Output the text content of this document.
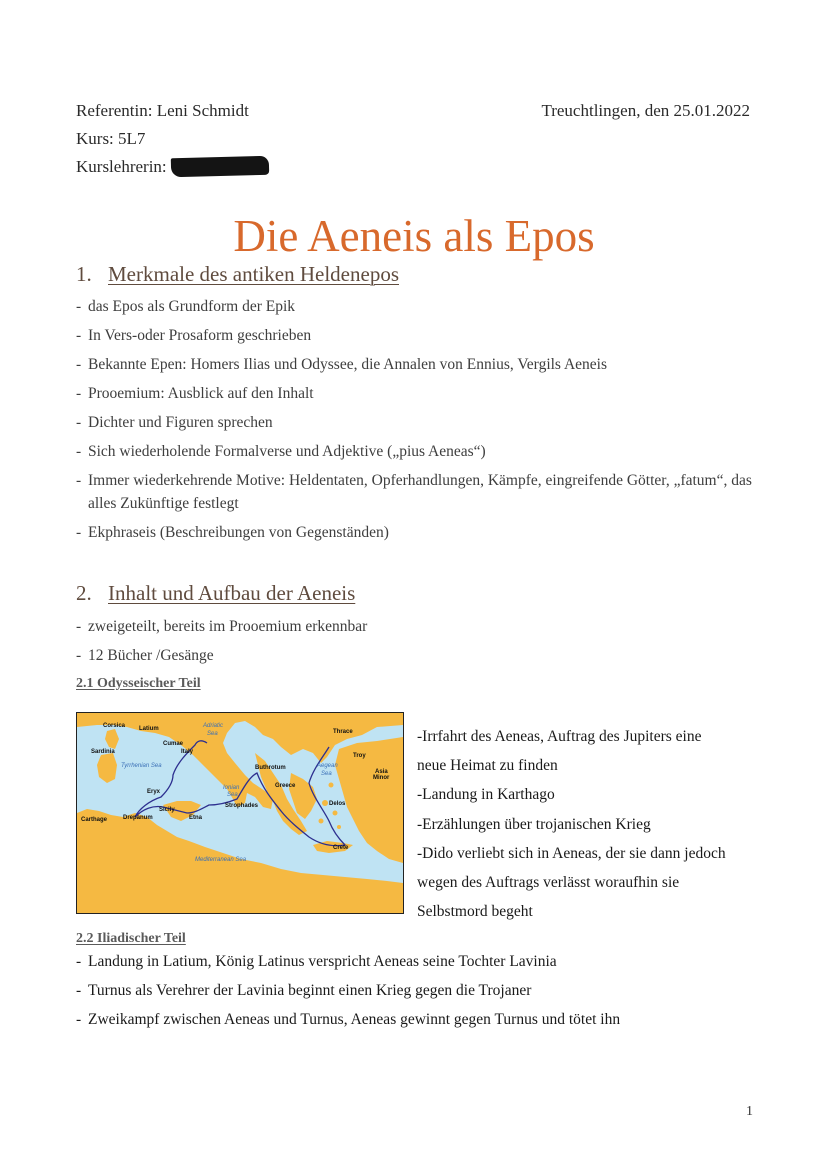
Referentin: Leni Schmidt
Kurs: 5L7
Kurslehrerin:
Treuchtlingen, den 25.01.2022
Die Aeneis als Epos
1. Merkmale des antiken Heldenepos
- das Epos als Grundform der Epik
- In Vers-oder Prosaform geschrieben
- Bekannte Epen: Homers Ilias und Odyssee, die Annalen von Ennius, Vergils Aeneis
- Prooemium: Ausblick auf den Inhalt
- Dichter und Figuren sprechen
- Sich wiederholende Formalverse und Adjektive („pius Aeneas“)
- Immer wiederkehrende Motive: Heldentaten, Opferhandlungen, Kämpfe, eingreifende Götter, „fatum“, das alles Zukünftige festlegt
- Ekphraseis (Beschreibungen von Gegenständen)
2. Inhalt und Aufbau der Aeneis
- zweigeteilt, bereits im Prooemium erkennbar
- 12 Bücher /Gesänge
2.1 Odysseischer Teil
Corsica Latium	Adriatic
Sea
Cumae
Italy
Sardinia
Tyrrhenian Sea
Thrace
Troy
Buthrotum	Aegean
Sea	Asia
Minor
Greece
Ionian
Sea
Eryx
Strophades	Delos
Carthage	Drepanum
Sicily
Etna
Crete
Mediterranean Sea
-Irrfahrt des Aeneas, Auftrag des Jupiters eine
neue Heimat zu finden
-Landung in Karthago
-Erzählungen über trojanischen Krieg
-Dido verliebt sich in Aeneas, der sie dann jedoch
wegen des Auftrags verlässt woraufhin sie
Selbstmord begeht
2.2 Iliadischer Teil
- Landung in Latium, König Latinus verspricht Aeneas seine Tochter Lavinia
- Turnus als Verehrer der Lavinia beginnt einen Krieg gegen die Trojaner
- Zweikampf zwischen Aeneas und Turnus, Aeneas gewinnt gegen Turnus und tötet ihn
1
